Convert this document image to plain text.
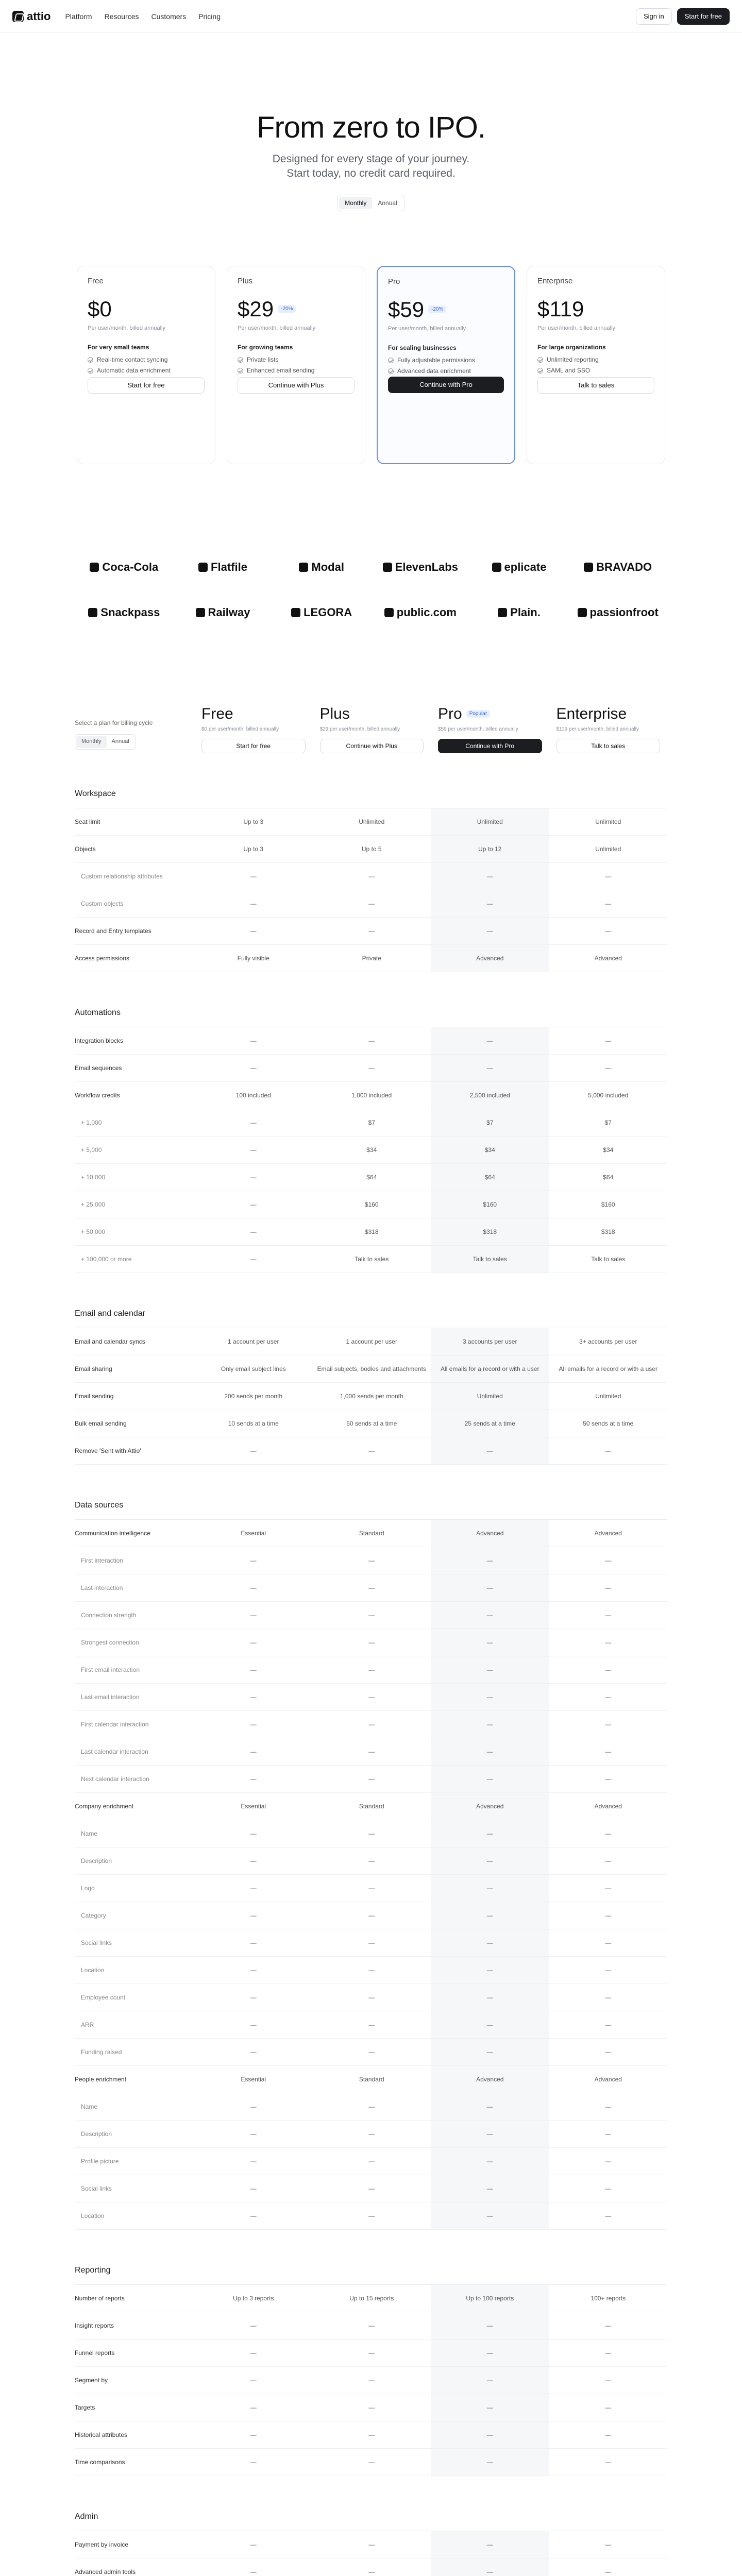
attio Platform Resources Customers Pricing	Sign in	Start for free
From zero to IPO.

Designed for every stage of your journey. Start today, no credit card required.

Monthly	Annual
Free
$0
Per user/month, billed annually
For very small teams
Real-time contact syncing
Automatic data enrichment
Start for free
Plus
$29	-20%
Per user/month, billed annually
For growing teams
Private lists
Enhanced email sending
Continue with Plus
Pro
$59	-20%
Per user/month, billed annually
For scaling businesses
Fully adjustable permissions
Advanced data enrichment
Continue with Pro
Enterprise
$119
Per user/month, billed annually
For large organizations
Unlimited reporting
SAML and SSO
Talk to sales
Coca-Cola	Flatfile	Modal	ElevenLabs	eplicate	BRAVADO
Snackpass	Railway	LEGORA	public.com	Plain.	passionfroot
Select a plan for billing cycle
Monthly	Annual
Free
$0 per user/month, billed annually
Start for free
Plus
$29 per user/month, billed annually
Continue with Plus
Pro	Popular
$59 per user/month, billed annually
Continue with Pro
Enterprise
$119 per user/month, billed annually
Talk to sales
Workspace
Seat limit	Up to 3	Unlimited	Unlimited	Unlimited
Objects	Up to 3	Up to 5	Up to 12	Unlimited
Custom relationship attributes	—	—	—	—
Custom objects	—	—	—	—
Record and Entry templates	—	—	—	—
Access permissions	Fully visible	Private	Advanced	Advanced
Automations
Integration blocks	—	—	—	—
Email sequences	—	—	—	—
Workflow credits	100 included	1,000 included	2,500 included	5,000 included
+ 1,000	—	$7	$7	$7
+ 5,000	—	$34	$34	$34
+ 10,000	—	$64	$64	$64
+ 25,000	—	$160	$160	$160
+ 50,000	—	$318	$318	$318
+ 100,000 or more	—	Talk to sales	Talk to sales	Talk to sales
Email and calendar
Email and calendar syncs	1 account per user	1 account per user	3 accounts per user	3+ accounts per user
Email sharing	Only email subject lines	Email subjects, bodies and attachments	All emails for a record or with a user	All emails for a record or with a user
Email sending	200 sends per month	1,000 sends per month	Unlimited	Unlimited
Bulk email sending	10 sends at a time	50 sends at a time	25 sends at a time	50 sends at a time
Remove 'Sent with Attio'	—	—	—	—
Data sources
Communication intelligence	Essential	Standard	Advanced	Advanced
First interaction	—	—	—	—
Last interaction	—	—	—	—
Connection strength	—	—	—	—
Strongest connection	—	—	—	—
First email interaction	—	—	—	—
Last email interaction	—	—	—	—
First calendar interaction	—	—	—	—
Last calendar interaction	—	—	—	—
Next calendar interaction	—	—	—	—
Company enrichment	Essential	Standard	Advanced	Advanced
Name	—	—	—	—
Description	—	—	—	—
Logo	—	—	—	—
Category	—	—	—	—
Social links	—	—	—	—
Location	—	—	—	—
Employee count	—	—	—	—
ARR	—	—	—	—
Funding raised	—	—	—	—
People enrichment	Essential	Standard	Advanced	Advanced
Name	—	—	—	—
Description	—	—	—	—
Profile picture	—	—	—	—
Social links	—	—	—	—
Location	—	—	—	—
Reporting
Number of reports	Up to 3 reports	Up to 15 reports	Up to 100 reports	100+ reports
Insight reports	—	—	—	—
Funnel reports	—	—	—	—
Segment by	—	—	—	—
Targets	—	—	—	—
Historical attributes	—	—	—	—
Time comparisons	—	—	—	—
Admin
Payment by invoice	—	—	—	—
Advanced admin tools	—	—	—	—
